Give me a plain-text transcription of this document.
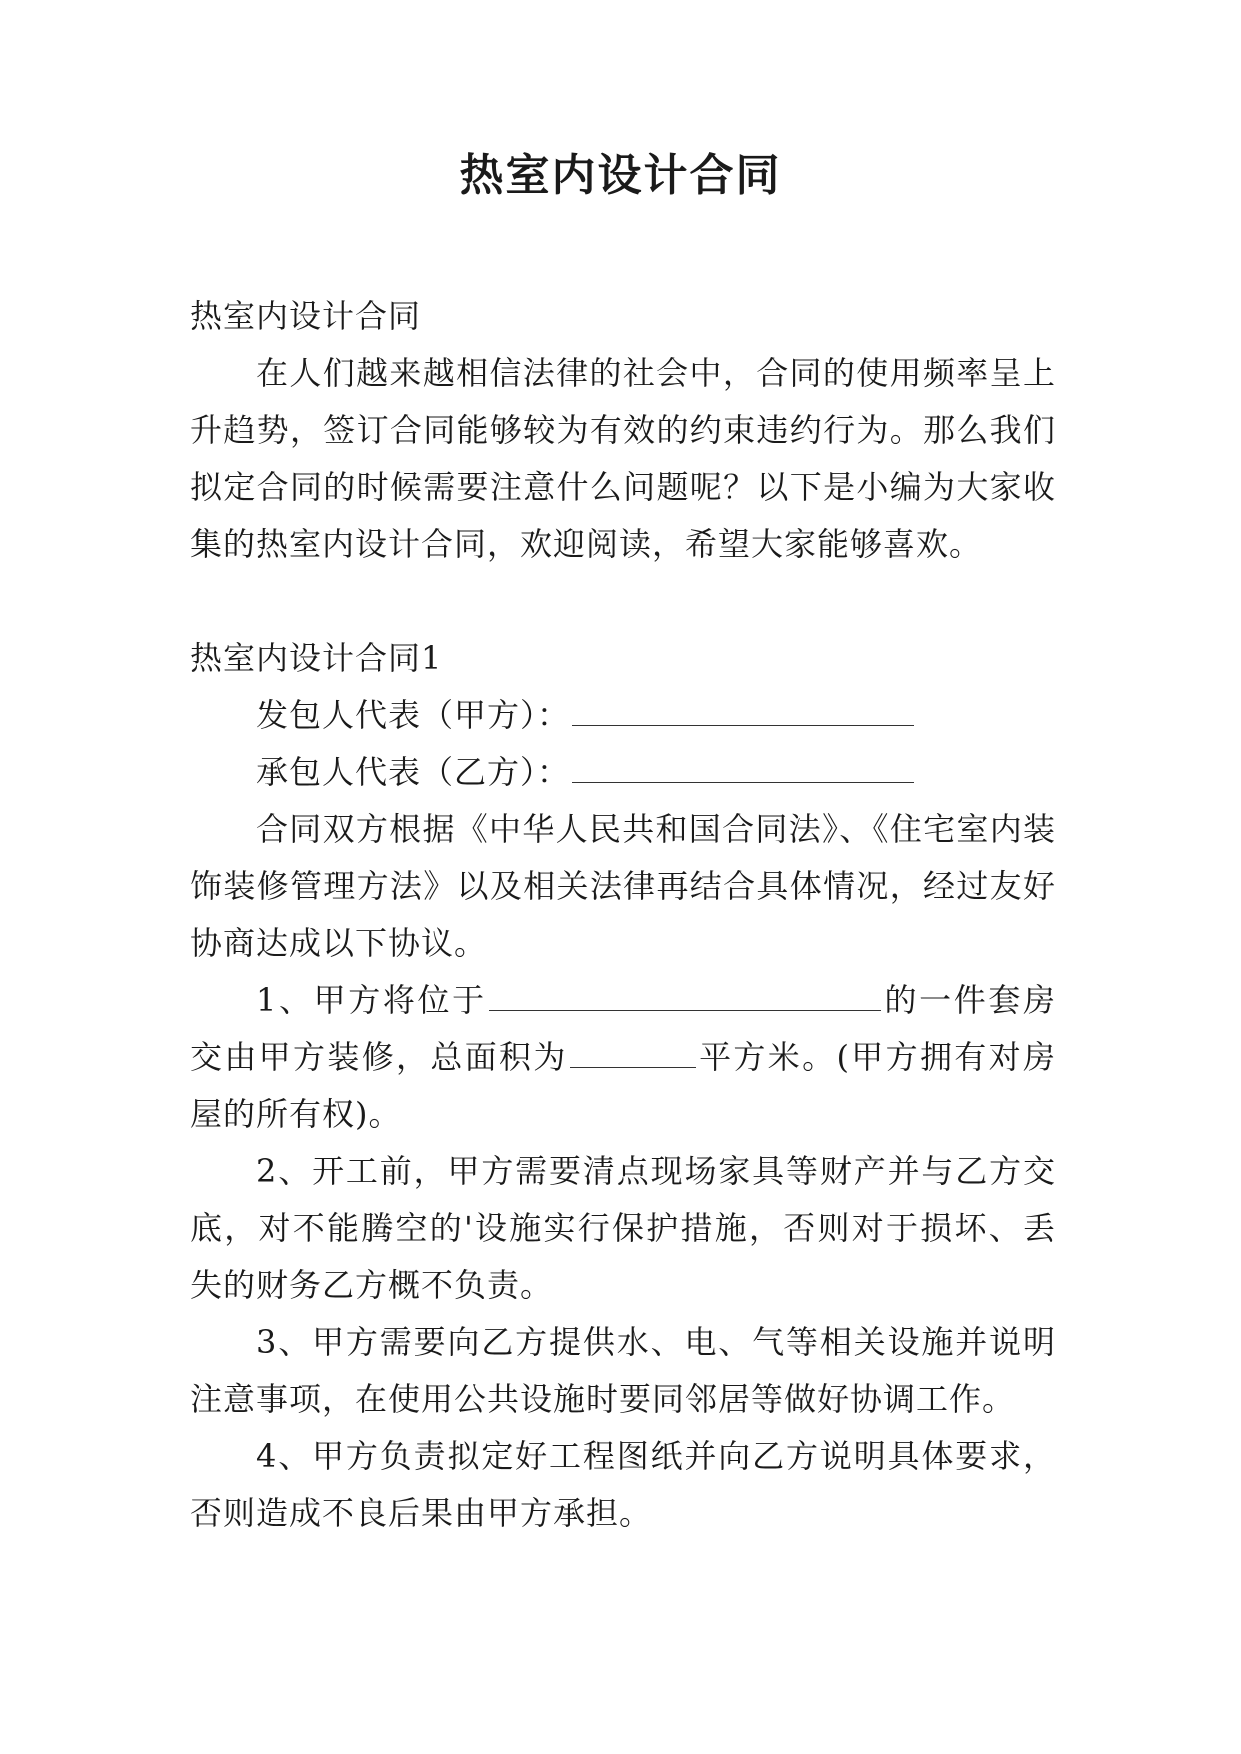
热室内设计合同

热室内设计合同

在人们越来越相信法律的社会中，合同的使用频率呈上升趋势，签订合同能够较为有效的约束违约行为。那么我们拟定合同的时候需要注意什么问题呢？以下是小编为大家收集的热室内设计合同，欢迎阅读，希望大家能够喜欢。

热室内设计合同1

发包人代表（甲方）：

承包人代表（乙方）：

合同双方根据《中华人民共和国合同法》、《住宅室内装饰装修管理方法》以及相关法律再结合具体情况，经过友好协商达成以下协议。

1、甲方将位于	的一件套房交由甲方装修，总面积为	平方米。(甲方拥有对房屋的所有权)。

2、开工前，甲方需要清点现场家具等财产并与乙方交底，对不能腾空的'设施实行保护措施，否则对于损坏、丢失的财务乙方概不负责。

3、甲方需要向乙方提供水、电、气等相关设施并说明注意事项，在使用公共设施时要同邻居等做好协调工作。

4、甲方负责拟定好工程图纸并向乙方说明具体要求，否则造成不良后果由甲方承担。
